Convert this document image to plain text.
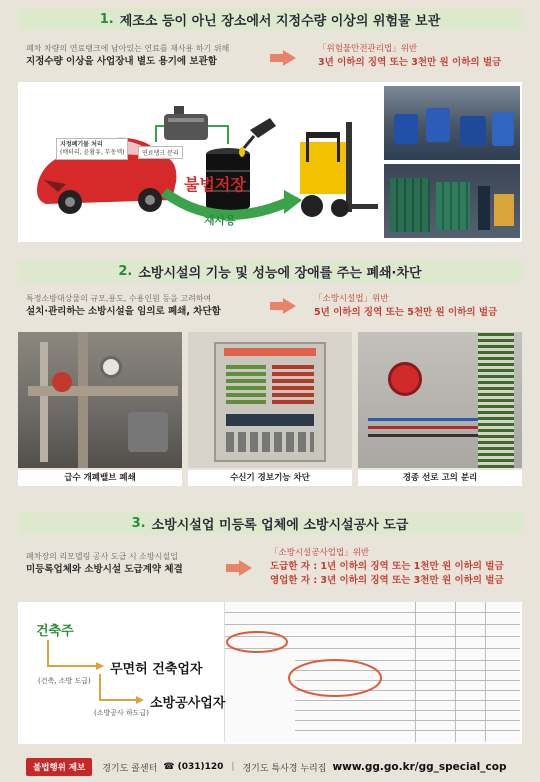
1. 제조소 등이 아닌 장소에서 지정수량 이상의 위험물 보관
폐차 차량의 연료탱크에 남아있는 연료를 재사용 하기 위해
지정수량 이상을 사업장내 별도 용기에 보관함
「위험물안전관리법」위반
3년 이하의 징역 또는 3천만 원 이하의 벌금
지정폐기물 처리
(배터리, 윤활유, 부동액)	연료탱크 분리
불법저장
재사용
2. 소방시설의 기능 및 성능에 장애를 주는 폐쇄·차단
특정소방대상물의 규모,용도, 수용인원 등을 고려하여
설치·관리하는 소방시설을 임의로 폐쇄, 차단함
「소방시설법」위반
5년 이하의 징역 또는 5천만 원 이하의 벌금
급수 개폐밸브 폐쇄	수신기 경보기능 차단	경종 선로 고의 분리
3. 소방시설업 미등록 업체에 소방시설공사 도급
폐차장의 리모델링 공사 도급 시 소방시설업
미등록업체와 소방시설 도급계약 체결
「소방시설공사업법」위반
도급한 자 : 1년 이하의 징역 또는 1천만 원 이하의 벌금
영업한 자 : 3년 이하의 징역 또는 3천만 원 이하의 벌금
건축주
(건축, 소방 도급)
무면허 건축업자
(소방공사 하도급)
소방공사업자
불법행위 제보	경기도 콜센터 ☎ (031)120 | 경기도 특사경 누리집 www.gg.go.kr/gg_special_cop
